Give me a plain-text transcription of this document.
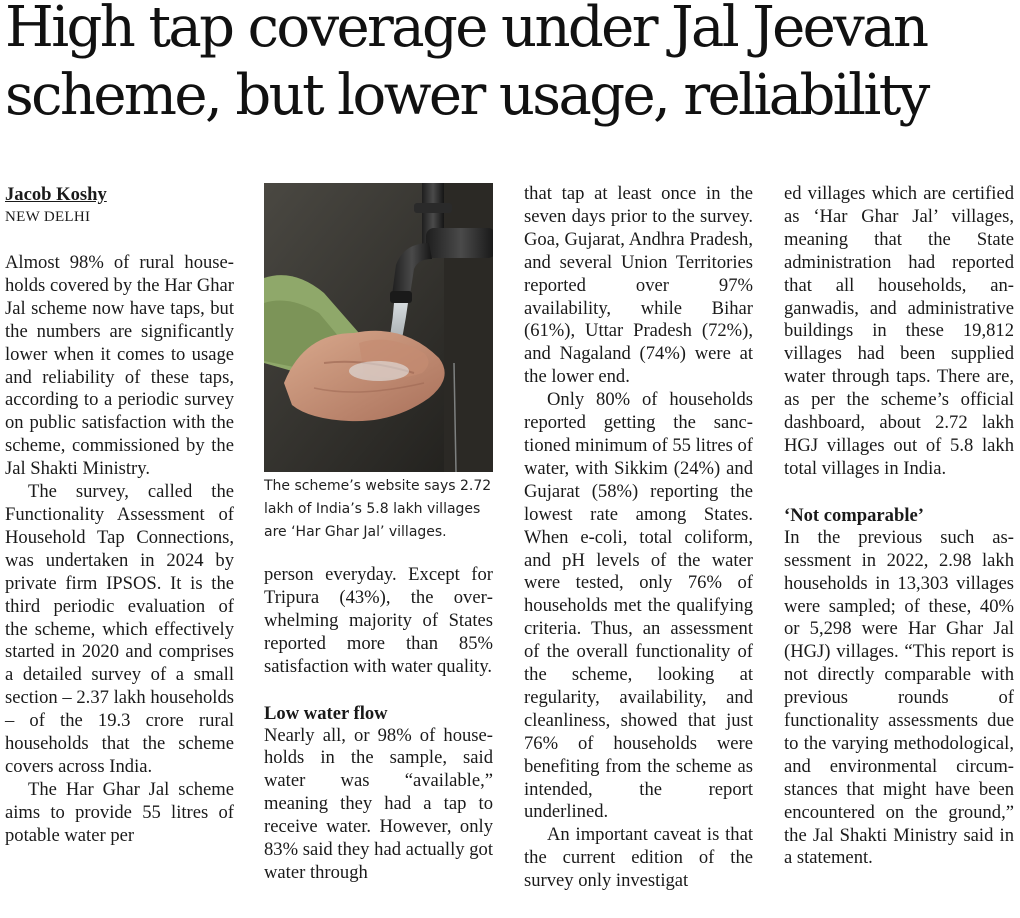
High tap coverage under Jal Jeevan
scheme, but lower usage, reliability
Jacob Koshy
NEW DELHI

Almost 98% of rural households covered by the Har Ghar Jal scheme now have taps, but the numbers are significantly lower when it comes to usage and reliability of these taps, according to a periodic survey on public satisfaction with the scheme, commissioned by the Jal Shakti Ministry.

The survey, called the Functionality Assessment of Household Tap Connections, was undertaken in 2024 by private firm IPSOS. It is the third periodic evaluation of the scheme, which effectively started in 2020 and comprises a detailed survey of a small section – 2.37 lakh households – of the 19.3 crore rural households that the scheme covers across India.

The Har Ghar Jal scheme aims to provide 55 litres of potable water per

The scheme’s website says 2.72 lakh of India’s 5.8 lakh villages are ‘Har Ghar Jal’ villages.

person everyday. Except for Tripura (43%), the overwhelming majority of States reported more than 85% satisfaction with water quality.

Low water flow

Nearly all, or 98% of households in the sample, said water was “available,” meaning they had a tap to receive water. However, only 83% said they had actually got water through

that tap at least once in the seven days prior to the survey. Goa, Gujarat, Andhra Pradesh, and several Union Territories reported over 97% availability, while Bihar (61%), Uttar Pradesh (72%), and Nagaland (74%) were at the lower end.

Only 80% of households reported getting the sanctioned minimum of 55 litres of water, with Sikkim (24%) and Gujarat (58%) reporting the lowest rate among States. When e-coli, total coliform, and pH levels of the water were tested, only 76% of households met the qualifying criteria. Thus, an assessment of the overall functionality of the scheme, looking at regularity, availability, and cleanliness, showed that just 76% of households were benefiting from the scheme as intended, the report underlined.

An important caveat is that the current edition of the survey only investigat

ed villages which are certified as ‘Har Ghar Jal’ villages, meaning that the State administration had reported that all households, anganwadis, and administrative buildings in these 19,812 villages had been supplied water through taps. There are, as per the scheme’s official dashboard, about 2.72 lakh HGJ villages out of 5.8 lakh total villages in India.

‘Not comparable’

In the previous such assessment in 2022, 2.98 lakh households in 13,303 villages were sampled; of these, 40% or 5,298 were Har Ghar Jal (HGJ) villages. “This report is not directly comparable with previous rounds of functionality assessments due to the varying methodological, and environmental circumstances that might have been encountered on the ground,” the Jal Shakti Ministry said in a statement.
